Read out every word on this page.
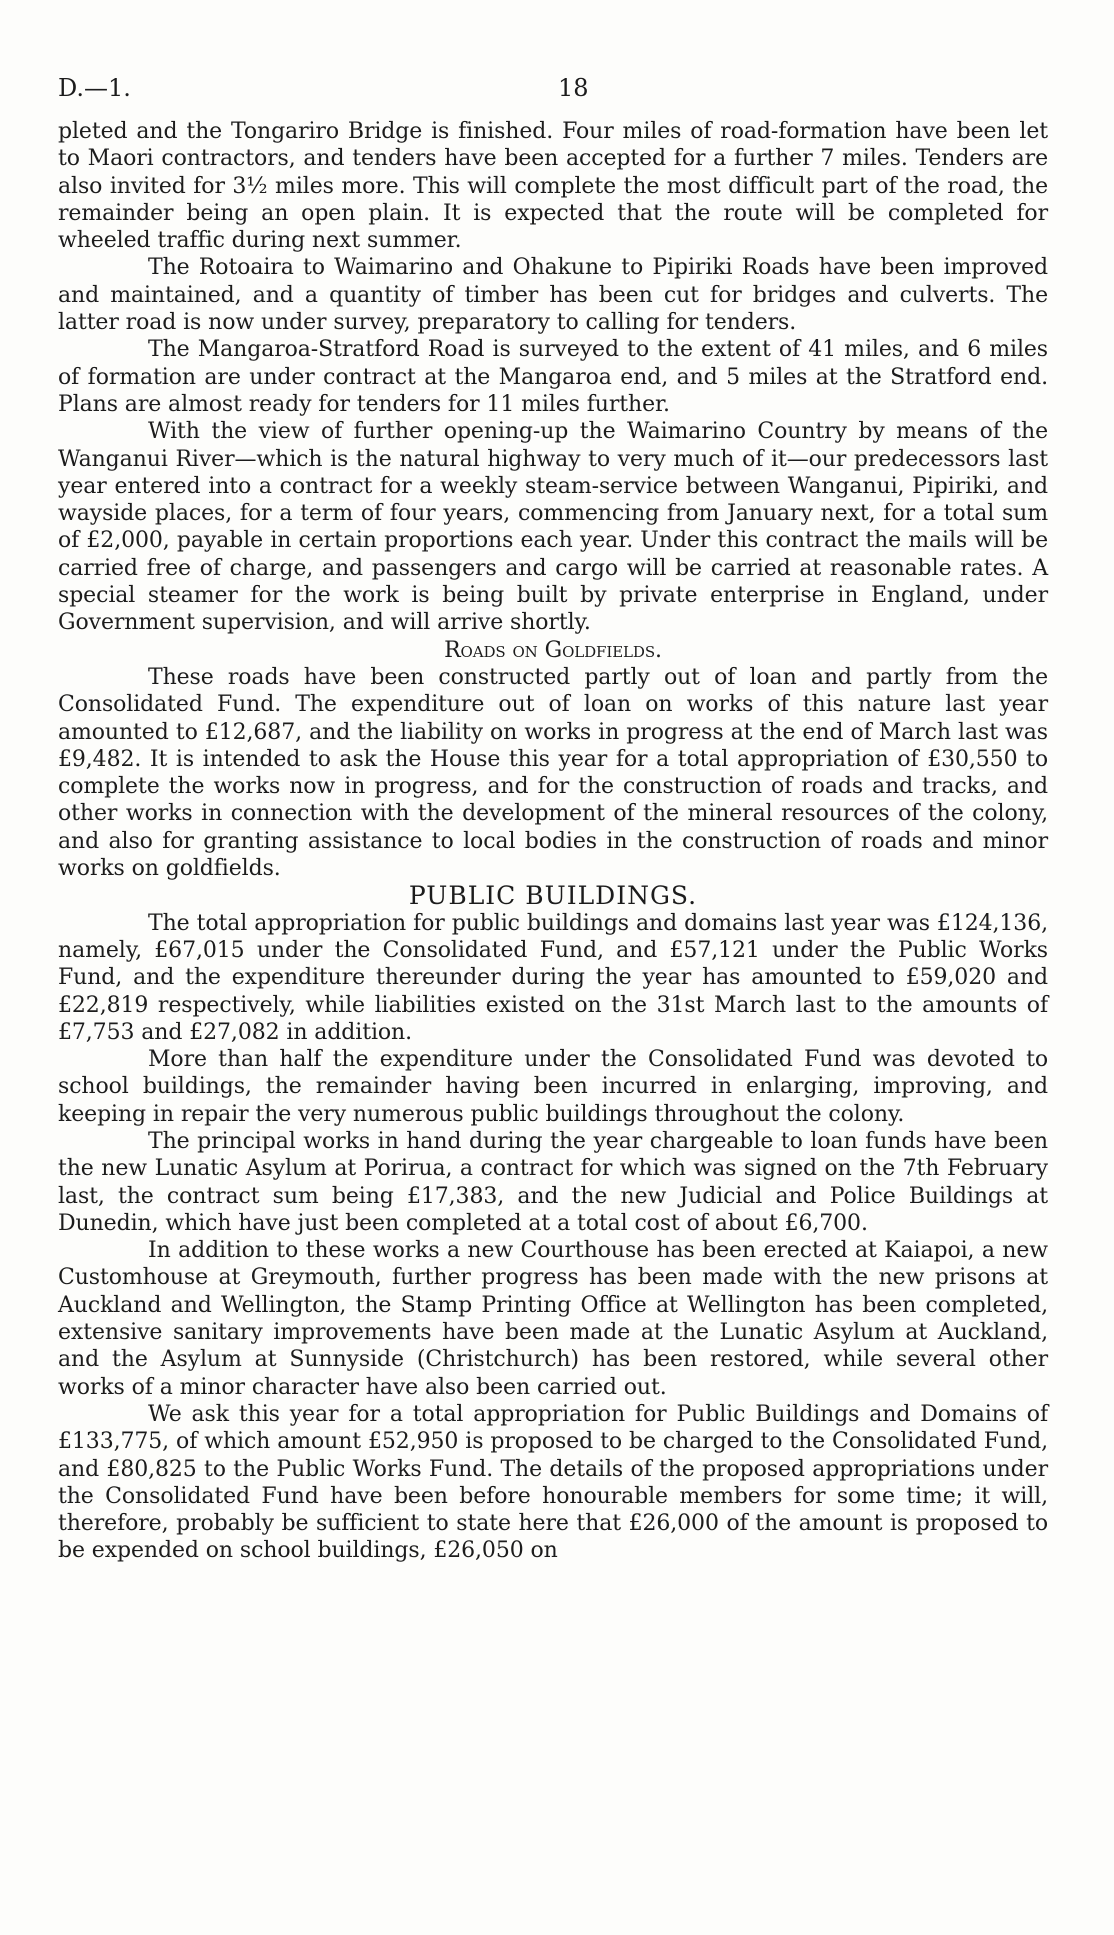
D.—1.	18

pleted and the Tongariro Bridge is finished. Four miles of road-formation have been let to Maori contractors, and tenders have been accepted for a further 7 miles. Tenders are also invited for 3½ miles more. This will complete the most difficult part of the road, the remainder being an open plain. It is expected that the route will be completed for wheeled traffic during next summer.

The Rotoaira to Waimarino and Ohakune to Pipiriki Roads have been improved and maintained, and a quantity of timber has been cut for bridges and culverts. The latter road is now under survey, preparatory to calling for tenders.

The Mangaroa-Stratford Road is surveyed to the extent of 41 miles, and 6 miles of formation are under contract at the Mangaroa end, and 5 miles at the Stratford end. Plans are almost ready for tenders for 11 miles further.

With the view of further opening-up the Waimarino Country by means of the Wanganui River—which is the natural highway to very much of it—our predecessors last year entered into a contract for a weekly steam-service between Wanganui, Pipiriki, and wayside places, for a term of four years, commencing from January next, for a total sum of £2,000, payable in certain proportions each year. Under this contract the mails will be carried free of charge, and passengers and cargo will be carried at reasonable rates. A special steamer for the work is being built by private enterprise in England, under Government supervision, and will arrive shortly.

Roads on Goldfields.

These roads have been constructed partly out of loan and partly from the Consolidated Fund. The expenditure out of loan on works of this nature last year amounted to £12,687, and the liability on works in progress at the end of March last was £9,482. It is intended to ask the House this year for a total appropriation of £30,550 to complete the works now in progress, and for the construction of roads and tracks, and other works in connection with the development of the mineral resources of the colony, and also for granting assistance to local bodies in the construction of roads and minor works on goldfields.

PUBLIC BUILDINGS.

The total appropriation for public buildings and domains last year was £124,136, namely, £67,015 under the Consolidated Fund, and £57,121 under the Public Works Fund, and the expenditure thereunder during the year has amounted to £59,020 and £22,819 respectively, while liabilities existed on the 31st March last to the amounts of £7,753 and £27,082 in addition.

More than half the expenditure under the Consolidated Fund was devoted to school buildings, the remainder having been incurred in enlarging, improving, and keeping in repair the very numerous public buildings throughout the colony.

The principal works in hand during the year chargeable to loan funds have been the new Lunatic Asylum at Porirua, a contract for which was signed on the 7th February last, the contract sum being £17,383, and the new Judicial and Police Buildings at Dunedin, which have just been completed at a total cost of about £6,700.

In addition to these works a new Courthouse has been erected at Kaiapoi, a new Customhouse at Greymouth, further progress has been made with the new prisons at Auckland and Wellington, the Stamp Printing Office at Wellington has been completed, extensive sanitary improvements have been made at the Lunatic Asylum at Auckland, and the Asylum at Sunnyside (Christchurch) has been restored, while several other works of a minor character have also been carried out.

We ask this year for a total appropriation for Public Buildings and Domains of £133,775, of which amount £52,950 is proposed to be charged to the Consolidated Fund, and £80,825 to the Public Works Fund. The details of the proposed appropriations under the Consolidated Fund have been before honourable members for some time; it will, therefore, probably be sufficient to state here that £26,000 of the amount is proposed to be expended on school buildings, £26,050 on
